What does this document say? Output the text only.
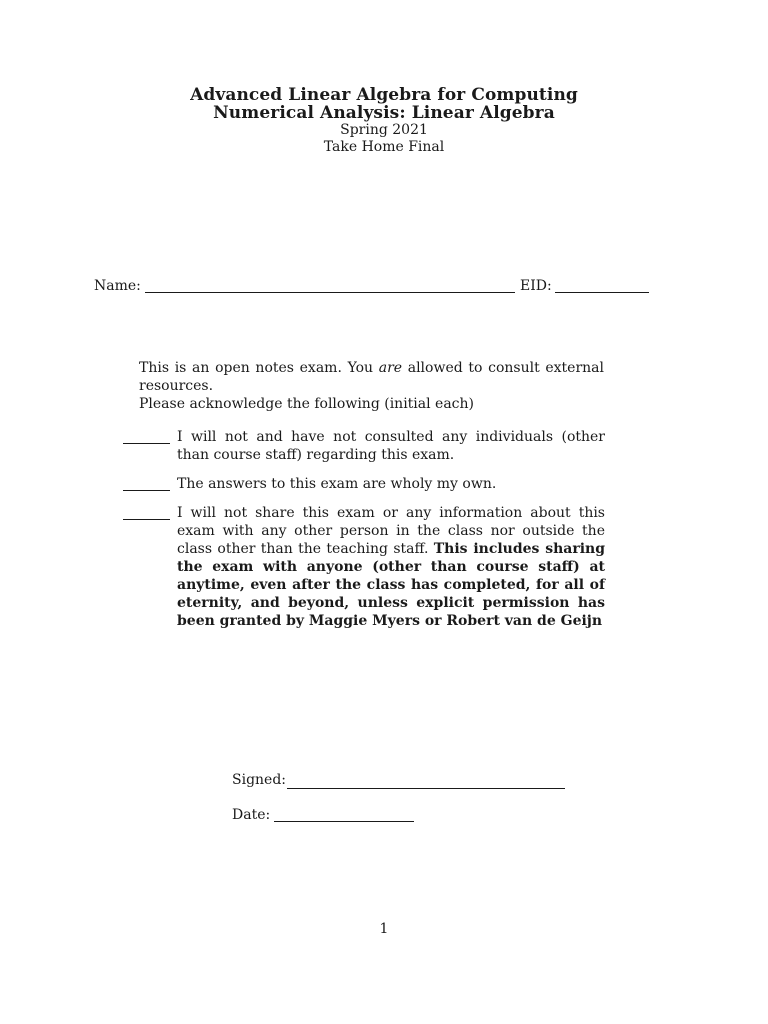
Advanced Linear Algebra for Computing
Numerical Analysis: Linear Algebra
Spring 2021
Take Home Final
Name:	EID:

This is an open notes exam. You are allowed to consult external resources.

Please acknowledge the following (initial each)

I will not and have not consulted any individuals (other than course staff) regarding this exam.
The answers to this exam are wholy my own.
I will not share this exam or any information about this exam with any other person in the class nor outside the class other than the teaching staff. This includes sharing the exam with anyone (other than course staff) at anytime, even after the class has completed, for all of eternity, and beyond, unless explicit permission has been granted by Maggie Myers or Robert van de Geijn
Signed:
Date:
1
